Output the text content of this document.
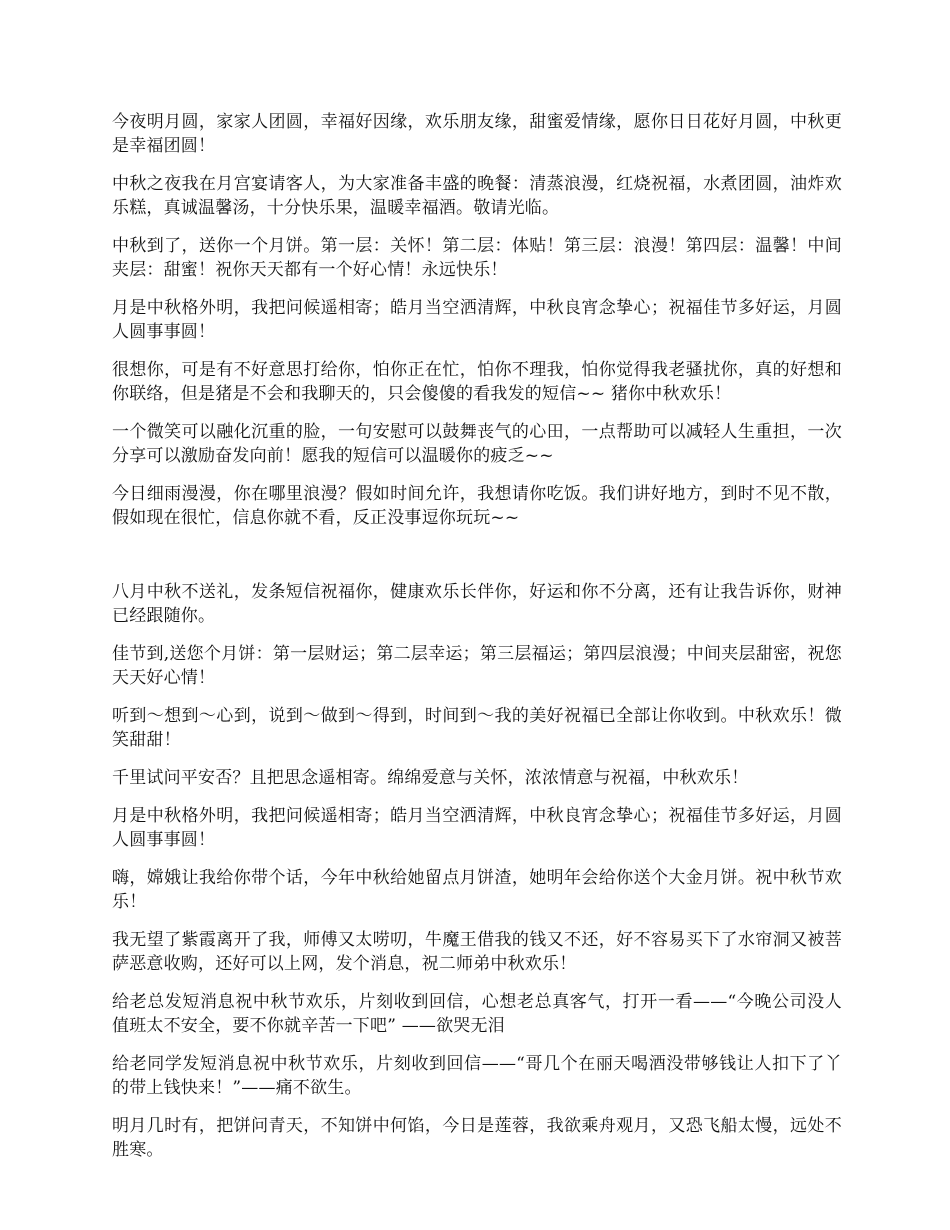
今夜明月圆，家家人团圆，幸福好因缘，欢乐朋友缘，甜蜜爱情缘，愿你日日花好月圆，中秋更是幸福团圆！

中秋之夜我在月宫宴请客人，为大家准备丰盛的晚餐：清蒸浪漫，红烧祝福，水煮团圆，油炸欢乐糕，真诚温馨汤，十分快乐果，温暖幸福酒。敬请光临。

中秋到了，送你一个月饼。第一层：关怀！第二层：体贴！第三层：浪漫！第四层：温馨！中间夹层：甜蜜！祝你天天都有一个好心情！永远快乐！

月是中秋格外明，我把问候遥相寄；皓月当空洒清辉，中秋良宵念挚心；祝福佳节多好运，月圆人圆事事圆！

很想你，可是有不好意思打给你，怕你正在忙，怕你不理我，怕你觉得我老骚扰你，真的好想和你联络，但是猪是不会和我聊天的，只会傻傻的看我发的短信~~ 猪你中秋欢乐！

一个微笑可以融化沉重的脸，一句安慰可以鼓舞丧气的心田，一点帮助可以减轻人生重担，一次分享可以激励奋发向前！愿我的短信可以温暖你的疲乏~~

今日细雨漫漫，你在哪里浪漫？假如时间允许，我想请你吃饭。我们讲好地方，到时不见不散，假如现在很忙，信息你就不看，反正没事逗你玩玩~~

八月中秋不送礼，发条短信祝福你，健康欢乐长伴你，好运和你不分离，还有让我告诉你，财神已经跟随你。

佳节到,送您个月饼：第一层财运；第二层幸运；第三层福运；第四层浪漫；中间夹层甜密，祝您天天好心情！

听到～想到～心到，说到～做到～得到，时间到～我的美好祝福已全部让你收到。中秋欢乐！微笑甜甜！

千里试问平安否？且把思念遥相寄。绵绵爱意与关怀，浓浓情意与祝福，中秋欢乐！

月是中秋格外明，我把问候遥相寄；皓月当空洒清辉，中秋良宵念挚心；祝福佳节多好运，月圆人圆事事圆！

嗨，嫦娥让我给你带个话，今年中秋给她留点月饼渣，她明年会给你送个大金月饼。祝中秋节欢乐！

我无望了紫霞离开了我，师傅又太唠叨，牛魔王借我的钱又不还，好不容易买下了水帘洞又被菩萨恶意收购，还好可以上网，发个消息，祝二师弟中秋欢乐！

给老总发短消息祝中秋节欢乐，片刻收到回信，心想老总真客气，打开一看——“今晚公司没人值班太不安全，要不你就辛苦一下吧” ——欲哭无泪

给老同学发短消息祝中秋节欢乐，片刻收到回信——“哥几个在丽天喝酒没带够钱让人扣下了丫的带上钱快来！”——痛不欲生。

明月几时有，把饼问青天，不知饼中何馅，今日是莲蓉，我欲乘舟观月，又恐飞船太慢，远处不胜寒。
